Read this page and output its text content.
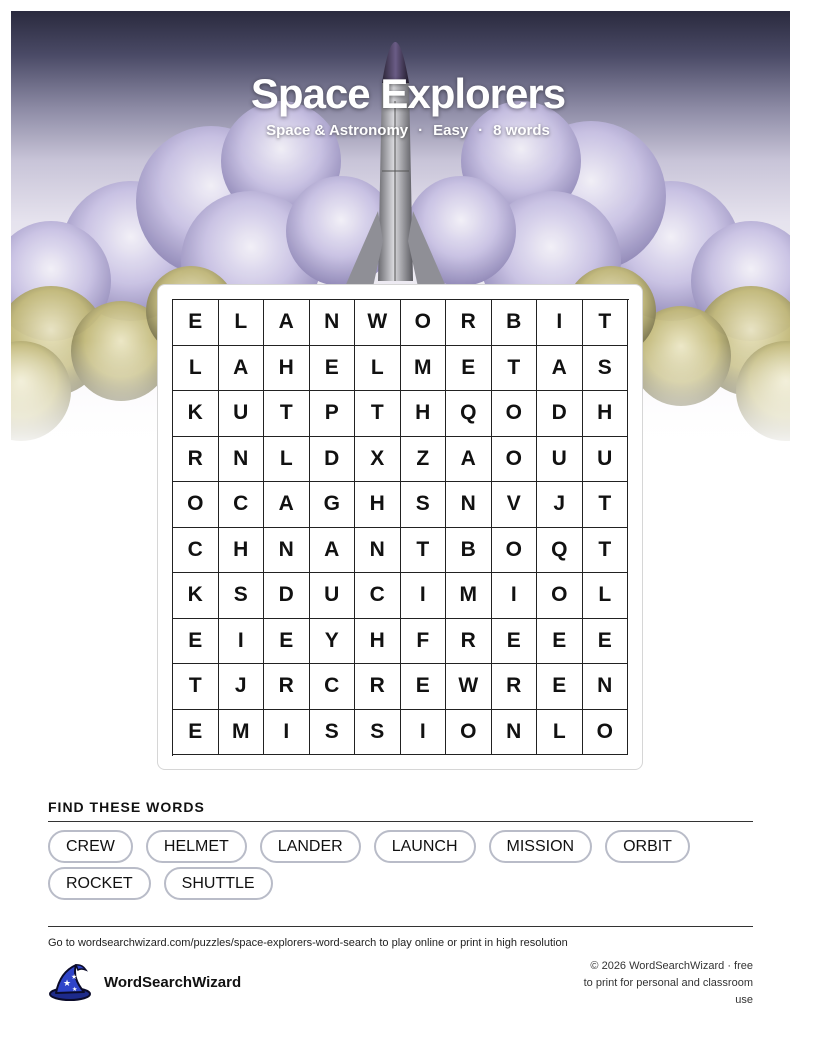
Space Explorers
Space & Astronomy · Easy · 8 words
E	L	A	N	W	O	R	B	I	T
L	A	H	E	L	M	E	T	A	S
K	U	T	P	T	H	Q	O	D	H
R	N	L	D	X	Z	A	O	U	U
O	C	A	G	H	S	N	V	J	T
C	H	N	A	N	T	B	O	Q	T
K	S	D	U	C	I	M	I	O	L
E	I	E	Y	H	F	R	E	E	E
T	J	R	C	R	E	W	R	E	N
E	M	I	S	S	I	O	N	L	O
FIND THESE WORDS
CREW	HELMET	LANDER	LAUNCH	MISSION	ORBIT
ROCKET	SHUTTLE
Go to wordsearchwizard.com/puzzles/space-explorers-word-search to play online or print in high resolution
★
★
★ WordSearchWizard
© 2026 WordSearchWizard · free to print for personal and classroom use
